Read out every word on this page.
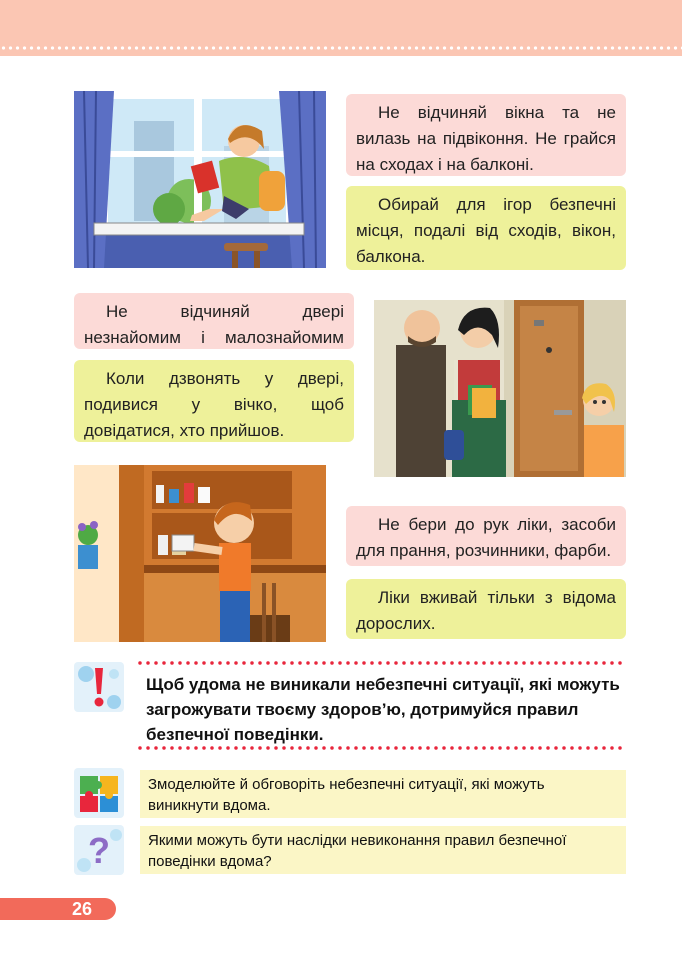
Не відчиняй вікна та не вилазь на підвіконня. Не грайся на сходах і на балконі.
Обирай для ігор безпечні місця, подалі від сходів, вікон, балкона.
Не відчиняй двері незнайомим і малознайомим
Коли дзвонять у двері, подивися у вічко, щоб довідатися, хто прийшов.
Не бери до рук ліки, засоби для прання, розчинники, фарби.
Ліки вживай тільки з відома дорослих.
Щоб удома не виникали небезпечні ситуації, які можуть загрожувати твоєму здоров’ю, дотримуйся правил безпечної поведінки.
Змоделюйте й обговоріть небезпечні ситуації, які можуть виникнути вдома.
?	Якими можуть бути наслідки невиконання правил безпечної поведінки вдома?
26
